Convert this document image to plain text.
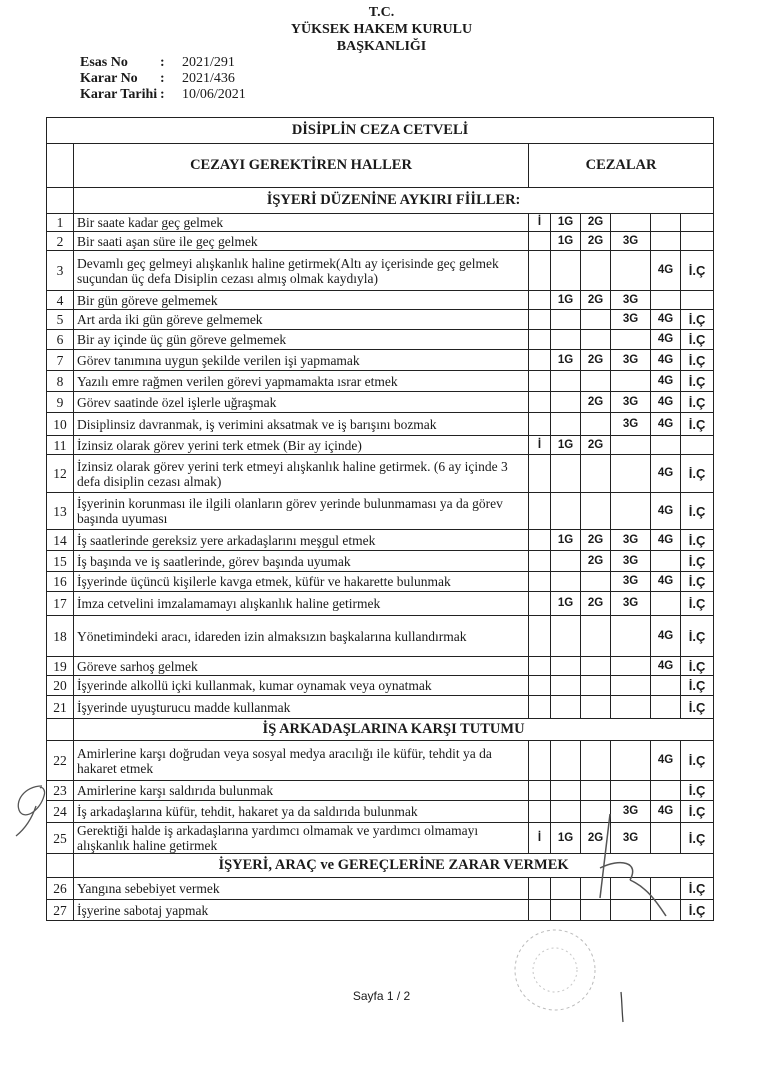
T.C.
YÜKSEK HAKEM KURULU
BAŞKANLIĞI
Esas No : 2021/291
Karar No : 2021/436
Karar Tarihi : 10/06/2021
DİSİPLİN CEZA CETVELİ							
	CEZAYI GEREKTİREN HALLER	CEZALAR					
	İŞYERİ DÜZENİNE AYKIRI FİİLLER:						
1	Bir saate kadar geç gelmek	İ	1G	2G			
2	Bir saati aşan süre ile geç gelmek		1G	2G	3G		
3	Devamlı geç gelmeyi alışkanlık haline getirmek(Altı ay içerisinde geç gelmek suçundan üç defa Disiplin cezası almış olmak kaydıyla)					4G	İ.Ç
4	Bir gün göreve gelmemek		1G	2G	3G		
5	Art arda iki gün göreve gelmemek				3G	4G	İ.Ç
6	Bir ay içinde üç gün göreve gelmemek					4G	İ.Ç
7	Görev tanımına uygun şekilde verilen işi yapmamak		1G	2G	3G	4G	İ.Ç
8	Yazılı emre rağmen verilen görevi yapmamakta ısrar etmek					4G	İ.Ç
9	Görev saatinde özel işlerle uğraşmak			2G	3G	4G	İ.Ç
10	Disiplinsiz davranmak, iş verimini aksatmak ve iş barışını bozmak				3G	4G	İ.Ç
11	İzinsiz olarak görev yerini terk etmek (Bir ay içinde)	İ	1G	2G			
12	İzinsiz olarak görev yerini terk etmeyi alışkanlık haline getirmek. (6 ay içinde 3 defa disiplin cezası almak)					4G	İ.Ç
13	İşyerinin korunması ile ilgili olanların görev yerinde bulunmaması ya da görev başında uyuması					4G	İ.Ç
14	İş saatlerinde gereksiz yere arkadaşlarını meşgul etmek		1G	2G	3G	4G	İ.Ç
15	İş başında ve iş saatlerinde, görev başında uyumak			2G	3G		İ.Ç
16	İşyerinde üçüncü kişilerle kavga etmek, küfür ve hakarette bulunmak				3G	4G	İ.Ç
17	İmza cetvelini imzalamamayı alışkanlık haline getirmek		1G	2G	3G		İ.Ç
18	Yönetimindeki aracı, idareden izin almaksızın başkalarına kullandırmak					4G	İ.Ç
19	Göreve sarhoş gelmek					4G	İ.Ç
20	İşyerinde alkollü içki kullanmak, kumar oynamak veya oynatmak						İ.Ç
21	İşyerinde uyuşturucu madde kullanmak						İ.Ç
	İŞ ARKADAŞLARINA KARŞI TUTUMU						
22	Amirlerine karşı doğrudan veya sosyal medya aracılığı ile küfür, tehdit ya da hakaret etmek					4G	İ.Ç
23	Amirlerine karşı saldırıda bulunmak						İ.Ç
24	İş arkadaşlarına küfür, tehdit, hakaret ya da saldırıda bulunmak				3G	4G	İ.Ç
25	Gerektiği halde iş arkadaşlarına yardımcı olmamak ve yardımcı olmamayı alışkanlık haline getirmek	İ	1G	2G	3G		İ.Ç
	İŞYERİ, ARAÇ ve GEREÇLERİNE ZARAR VERMEK						
26	Yangına sebebiyet vermek						İ.Ç
27	İşyerine sabotaj yapmak						İ.Ç
Sayfa 1 / 2
